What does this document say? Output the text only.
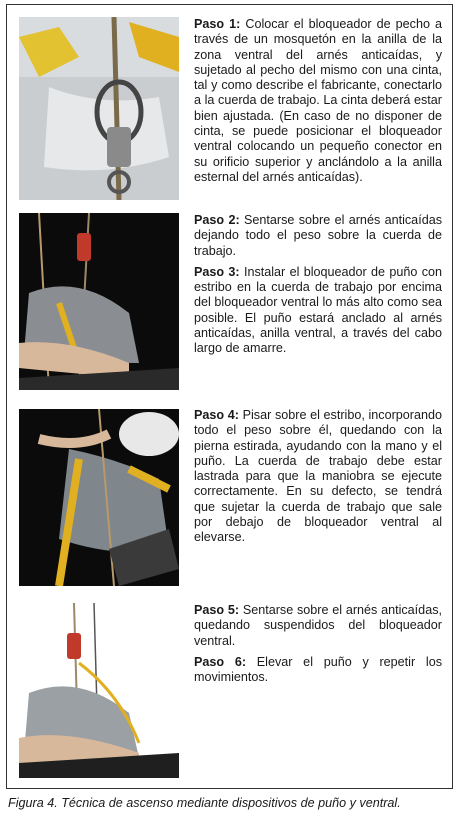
Paso 1: Colocar el bloqueador de pecho a través de un mosquetón en la anilla de la zona ventral del arnés anticaídas, y sujetado al pecho del mismo con una cinta, tal y como describe el fabricante, conectarlo a la cuerda de trabajo. La cinta deberá estar bien ajustada. (En caso de no disponer de cinta, se puede posicionar el bloqueador ventral colocando un pequeño conector en su orificio superior y anclándolo a la anilla esternal del arnés anticaídas).

Paso 2: Sentarse sobre el arnés anticaídas dejando todo el peso sobre la cuerda de trabajo.

Paso 3: Instalar el bloqueador de puño con estribo en la cuerda de trabajo por encima del bloqueador ventral lo más alto como sea posible. El puño estará anclado al arnés anticaídas, anilla ventral, a través del cabo largo de amarre.

Paso 4: Pisar sobre el estribo, incorporando todo el peso sobre él, quedando con la pierna estirada, ayudando con la mano y el puño. La cuerda de trabajo debe estar lastrada para que la maniobra se ejecute correctamente. En su defecto, se tendrá que sujetar la cuerda de trabajo que sale por debajo de bloqueador ventral al elevarse.

Paso 5: Sentarse sobre el arnés anticaídas, quedando suspendidos del bloqueador ventral.

Paso 6: Elevar el puño y repetir los movimientos.

Figura 4. Técnica de ascenso mediante dispositivos de puño y ventral.
